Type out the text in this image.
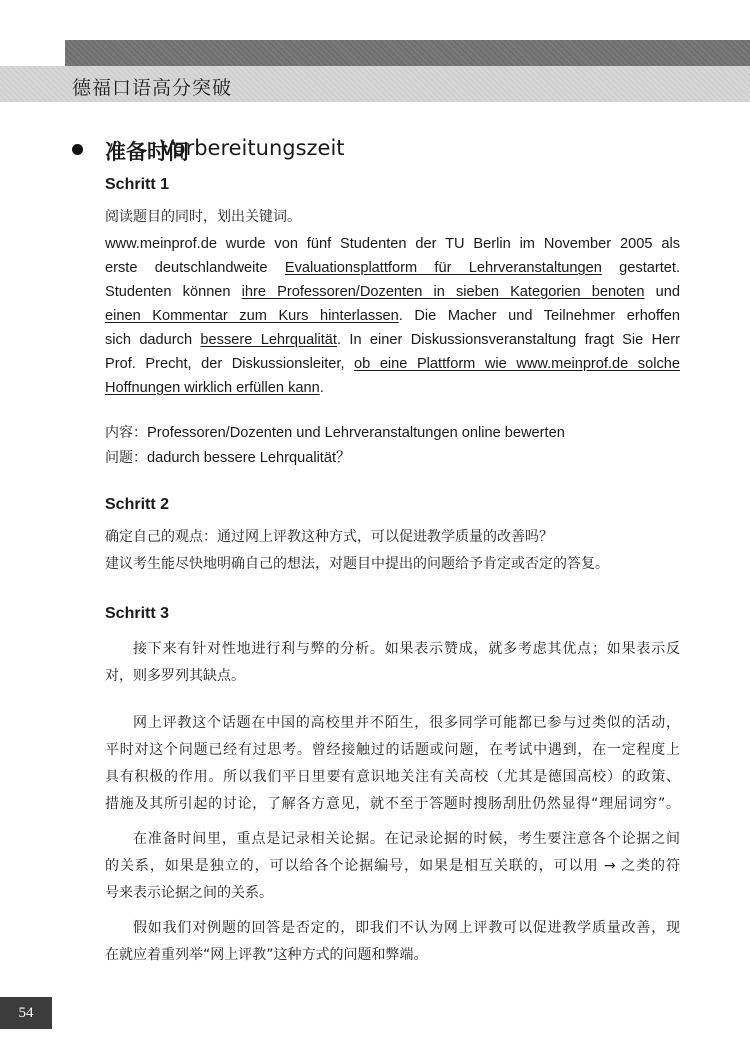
德福口语高分突破
准备时间
Vorbereitungszeit
Schritt 1
阅读题目的同时，划出关键词。
www.meinprof.de wurde von fünf Studenten der TU Berlin im November 2005 als
erste deutschlandweite Evaluationsplattform für Lehrveranstaltungen gestartet.
Studenten können ihre Professoren/Dozenten in sieben Kategorien benoten und
einen Kommentar zum Kurs hinterlassen. Die Macher und Teilnehmer erhoffen
sich dadurch bessere Lehrqualität. In einer Diskussionsveranstaltung fragt Sie Herr
Prof. Precht, der Diskussionsleiter, ob eine Plattform wie www.meinprof.de solche
Hoffnungen wirklich erfüllen kann.
内容：Professoren/Dozenten und Lehrveranstaltungen online bewerten
问题：dadurch bessere Lehrqualität？
Schritt 2
确定自己的观点：通过网上评教这种方式，可以促进教学质量的改善吗？
建议考生能尽快地明确自己的想法，对题目中提出的问题给予肯定或否定的答复。
Schritt 3
接下来有针对性地进行利与弊的分析。如果表示赞成，就多考虑其优点；如果表示反
对，则多罗列其缺点。
网上评教这个话题在中国的高校里并不陌生，很多同学可能都已参与过类似的活动，
平时对这个问题已经有过思考。曾经接触过的话题或问题，在考试中遇到，在一定程度上
具有积极的作用。所以我们平日里要有意识地关注有关高校（尤其是德国高校）的政策、
措施及其所引起的讨论，了解各方意见，就不至于答题时搜肠刮肚仍然显得“理屈词穷”。
在准备时间里，重点是记录相关论据。在记录论据的时候，考生要注意各个论据之间
的关系，如果是独立的，可以给各个论据编号，如果是相互关联的，可以用 → 之类的符
号来表示论据之间的关系。
假如我们对例题的回答是否定的，即我们不认为网上评教可以促进教学质量改善，现
在就应着重列举“网上评教”这种方式的问题和弊端。
54
